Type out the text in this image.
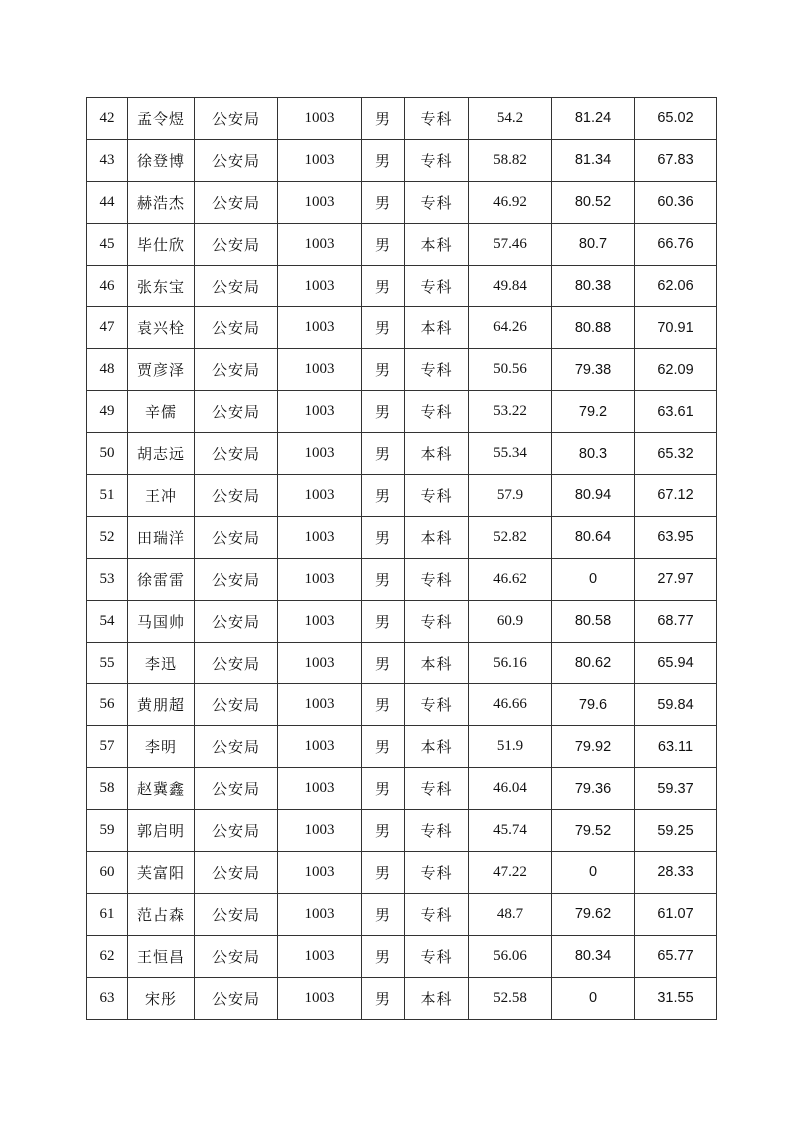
42	孟令煜	公安局	1003	男	专科	54.2	81.24	65.02
43	徐登博	公安局	1003	男	专科	58.82	81.34	67.83
44	赫浩杰	公安局	1003	男	专科	46.92	80.52	60.36
45	毕仕欣	公安局	1003	男	本科	57.46	80.7	66.76
46	张东宝	公安局	1003	男	专科	49.84	80.38	62.06
47	袁兴栓	公安局	1003	男	本科	64.26	80.88	70.91
48	贾彦泽	公安局	1003	男	专科	50.56	79.38	62.09
49	辛儒	公安局	1003	男	专科	53.22	79.2	63.61
50	胡志远	公安局	1003	男	本科	55.34	80.3	65.32
51	王冲	公安局	1003	男	专科	57.9	80.94	67.12
52	田瑞洋	公安局	1003	男	本科	52.82	80.64	63.95
53	徐雷雷	公安局	1003	男	专科	46.62	0	27.97
54	马国帅	公安局	1003	男	专科	60.9	80.58	68.77
55	李迅	公安局	1003	男	本科	56.16	80.62	65.94
56	黄朋超	公安局	1003	男	专科	46.66	79.6	59.84
57	李明	公安局	1003	男	本科	51.9	79.92	63.11
58	赵冀鑫	公安局	1003	男	专科	46.04	79.36	59.37
59	郭启明	公安局	1003	男	专科	45.74	79.52	59.25
60	芙富阳	公安局	1003	男	专科	47.22	0	28.33
61	范占森	公安局	1003	男	专科	48.7	79.62	61.07
62	王恒昌	公安局	1003	男	专科	56.06	80.34	65.77
63	宋彤	公安局	1003	男	本科	52.58	0	31.55
